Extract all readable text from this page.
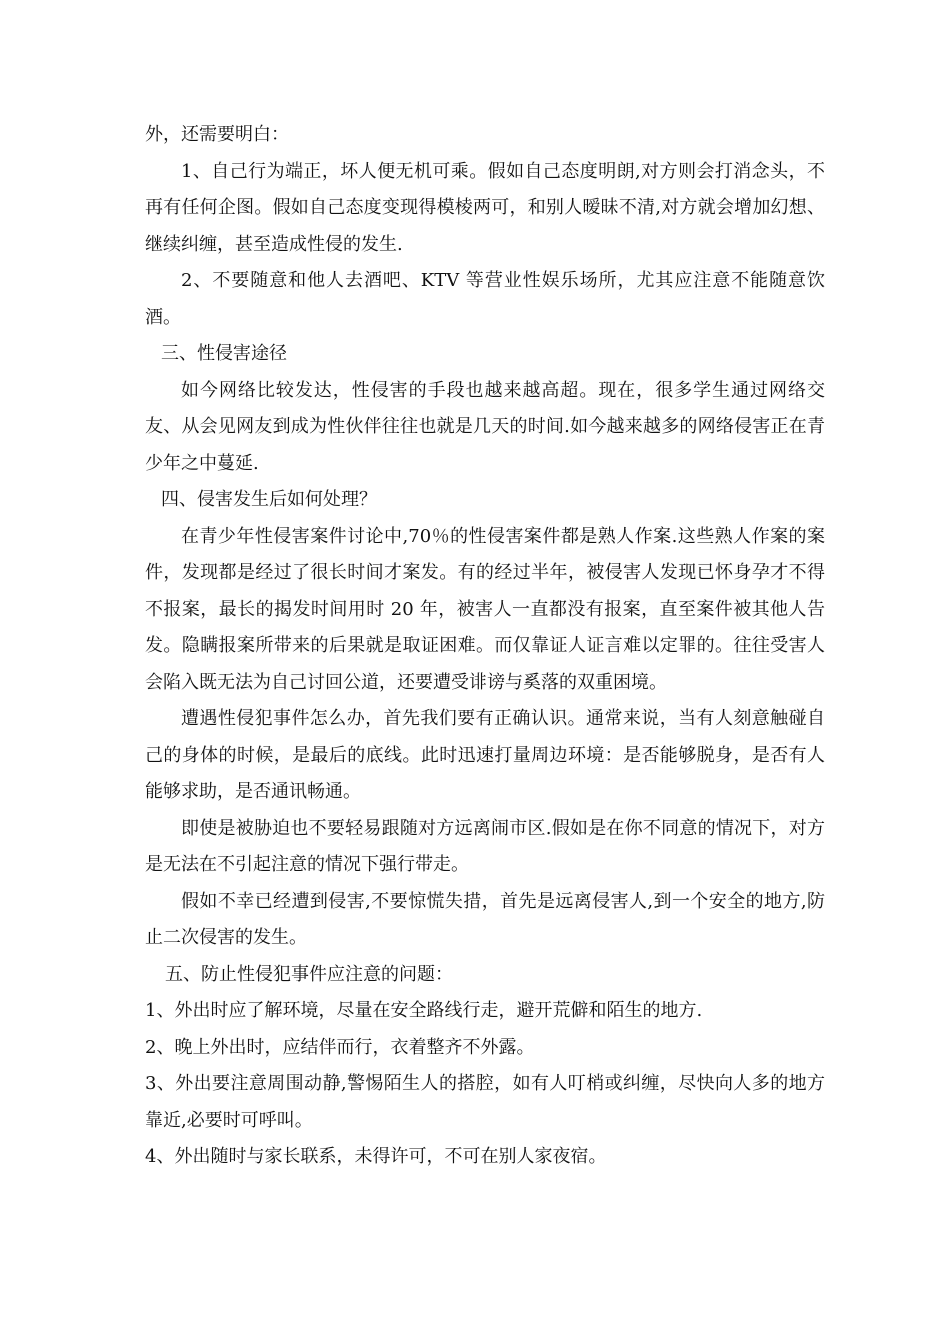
外，还需要明白：

1、自己行为端正，坏人便无机可乘。假如自己态度明朗,对方则会打消念头，不再有任何企图。假如自己态度变现得模棱两可，和别人暧昧不清,对方就会增加幻想、继续纠缠，甚至造成性侵的发生.

2、不要随意和他人去酒吧、KTV 等营业性娱乐场所，尤其应注意不能随意饮酒。

三、性侵害途径

如今网络比较发达，性侵害的手段也越来越高超。现在，很多学生通过网络交友、从会见网友到成为性伙伴往往也就是几天的时间.如今越来越多的网络侵害正在青少年之中蔓延.

四、侵害发生后如何处理？

在青少年性侵害案件讨论中,70％的性侵害案件都是熟人作案.这些熟人作案的案件，发现都是经过了很长时间才案发。有的经过半年，被侵害人发现已怀身孕才不得不报案，最长的揭发时间用时 20 年，被害人一直都没有报案，直至案件被其他人告发。隐瞒报案所带来的后果就是取证困难。而仅靠证人证言难以定罪的。往往受害人会陷入既无法为自己讨回公道，还要遭受诽谤与奚落的双重困境。

遭遇性侵犯事件怎么办，首先我们要有正确认识。通常来说，当有人刻意触碰自己的身体的时候，是最后的底线。此时迅速打量周边环境：是否能够脱身，是否有人能够求助，是否通讯畅通。

即使是被胁迫也不要轻易跟随对方远离闹市区.假如是在你不同意的情况下，对方是无法在不引起注意的情况下强行带走。

假如不幸已经遭到侵害,不要惊慌失措，首先是远离侵害人,到一个安全的地方,防止二次侵害的发生。

五、防止性侵犯事件应注意的问题：

1、外出时应了解环境，尽量在安全路线行走，避开荒僻和陌生的地方.

2、晚上外出时，应结伴而行，衣着整齐不外露。

3、外出要注意周围动静,警惕陌生人的搭腔，如有人叮梢或纠缠，尽快向人多的地方靠近,必要时可呼叫。

4、外出随时与家长联系，未得许可，不可在别人家夜宿。
